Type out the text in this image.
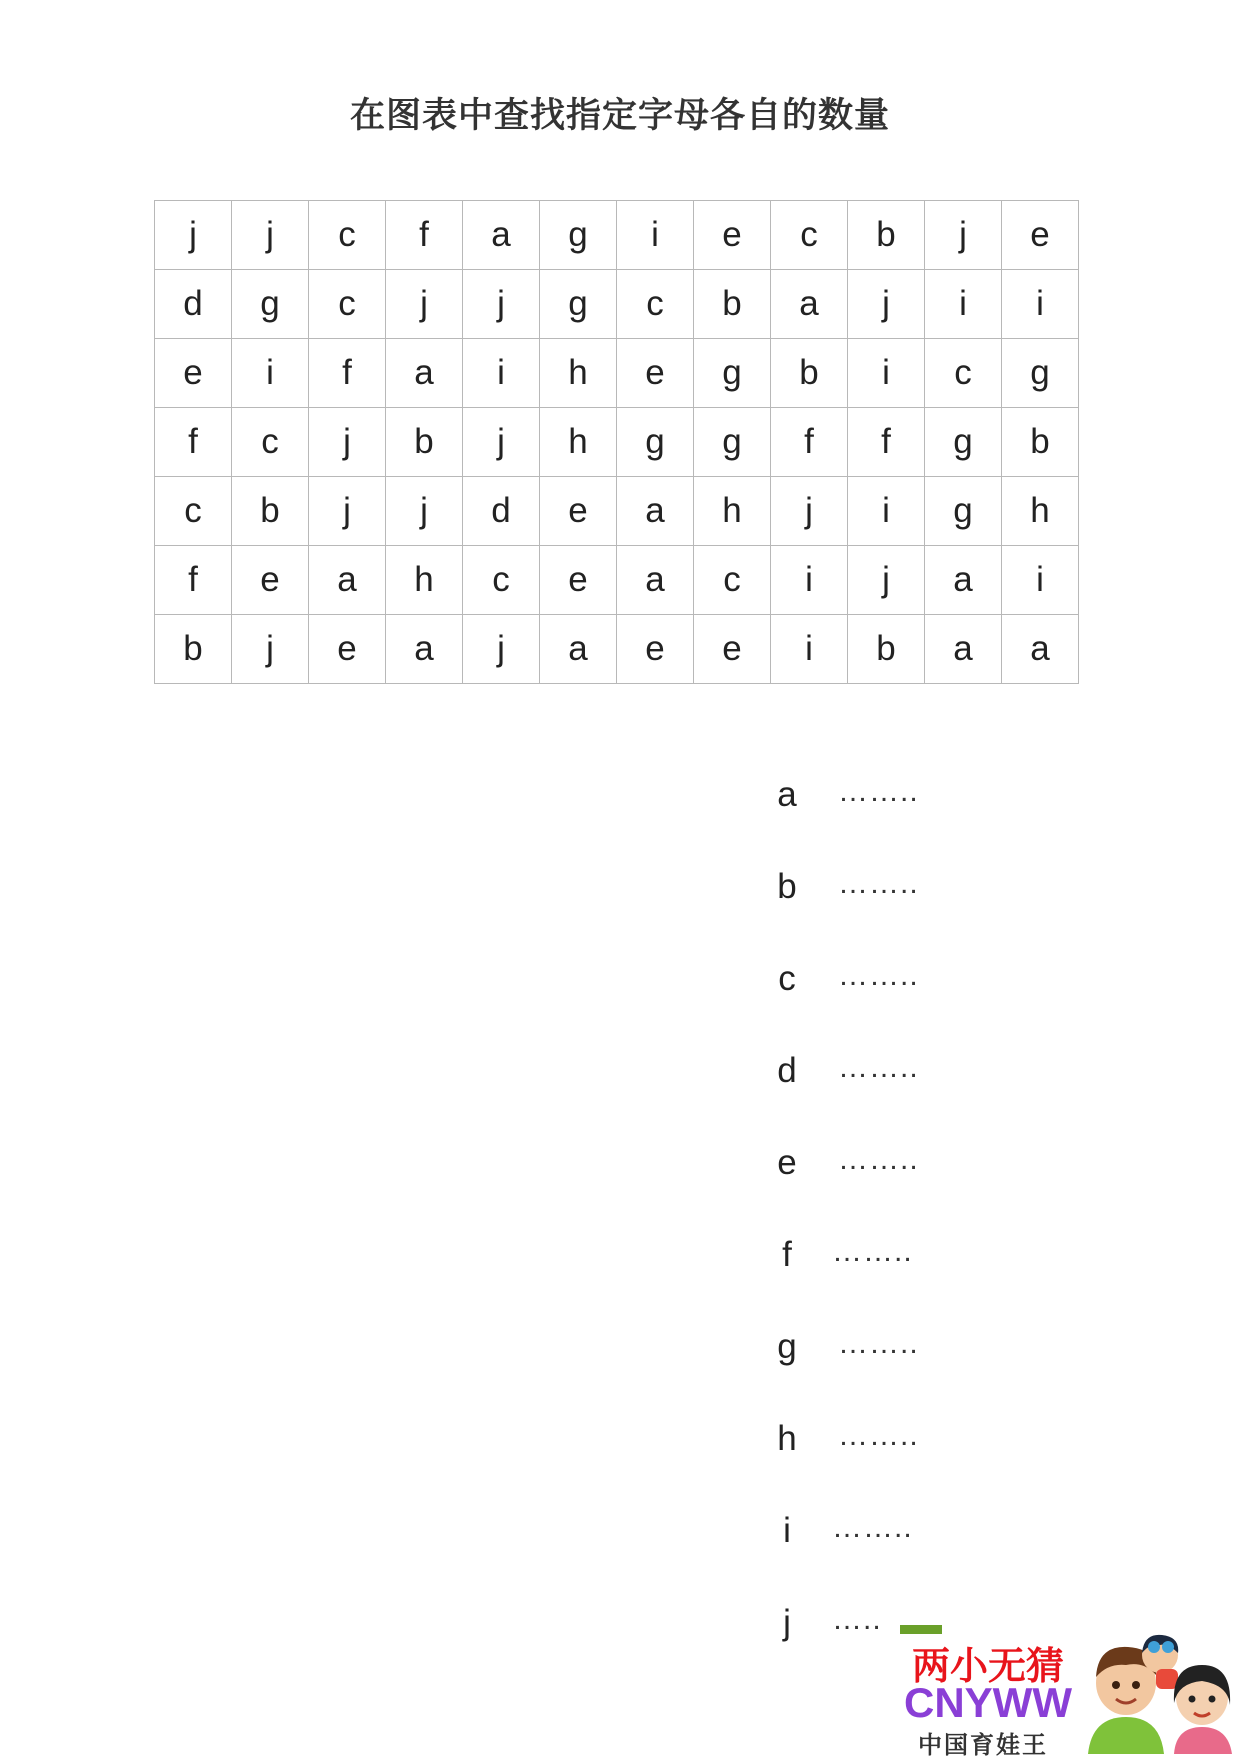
在图表中查找指定字母各自的数量
j	j	c	f	a	g	i	e	c	b	j	e
d	g	c	j	j	g	c	b	a	j	i	i
e	i	f	a	i	h	e	g	b	i	c	g
f	c	j	b	j	h	g	g	f	f	g	b
c	b	j	j	d	e	a	h	j	i	g	h
f	e	a	h	c	e	a	c	i	j	a	i
b	j	e	a	j	a	e	e	i	b	a	a
a ……..
b ……..
c ……..
d ……..
e ……..
f	……..
g ……..
h ……..
i	……..
j	…..
两小无猜
CNYWW
中国育娃王
